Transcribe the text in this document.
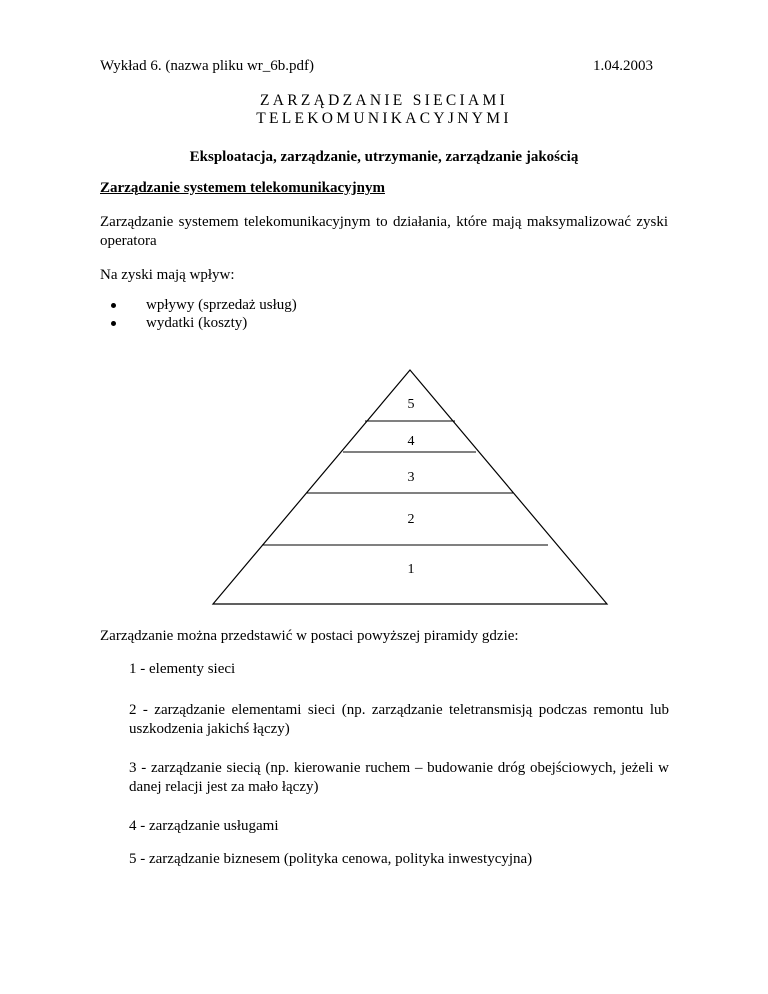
Wykład 6. (nazwa pliku wr_6b.pdf)	1.04.2003
ZARZĄDZANIE SIECIAMI
TELEKOMUNIKACYJNYMI
Eksploatacja, zarządzanie, utrzymanie, zarządzanie jakością
Zarządzanie systemem telekomunikacyjnym
Zarządzanie systemem telekomunikacyjnym to działania, które mają maksymalizować zyski operatora
Na zyski mają wpływ:
wpływy (sprzedaż usług)
wydatki (koszty)
5
4
3
2
1
Zarządzanie można przedstawić w postaci powyższej piramidy gdzie:
1 - elementy sieci
2 - zarządzanie elementami sieci (np. zarządzanie teletransmisją podczas remontu lub uszkodzenia jakichś łączy)
3 - zarządzanie siecią (np. kierowanie ruchem – budowanie dróg obejściowych, jeżeli w danej relacji jest za mało łączy)
4 - zarządzanie usługami
5 - zarządzanie biznesem (polityka cenowa, polityka inwestycyjna)
